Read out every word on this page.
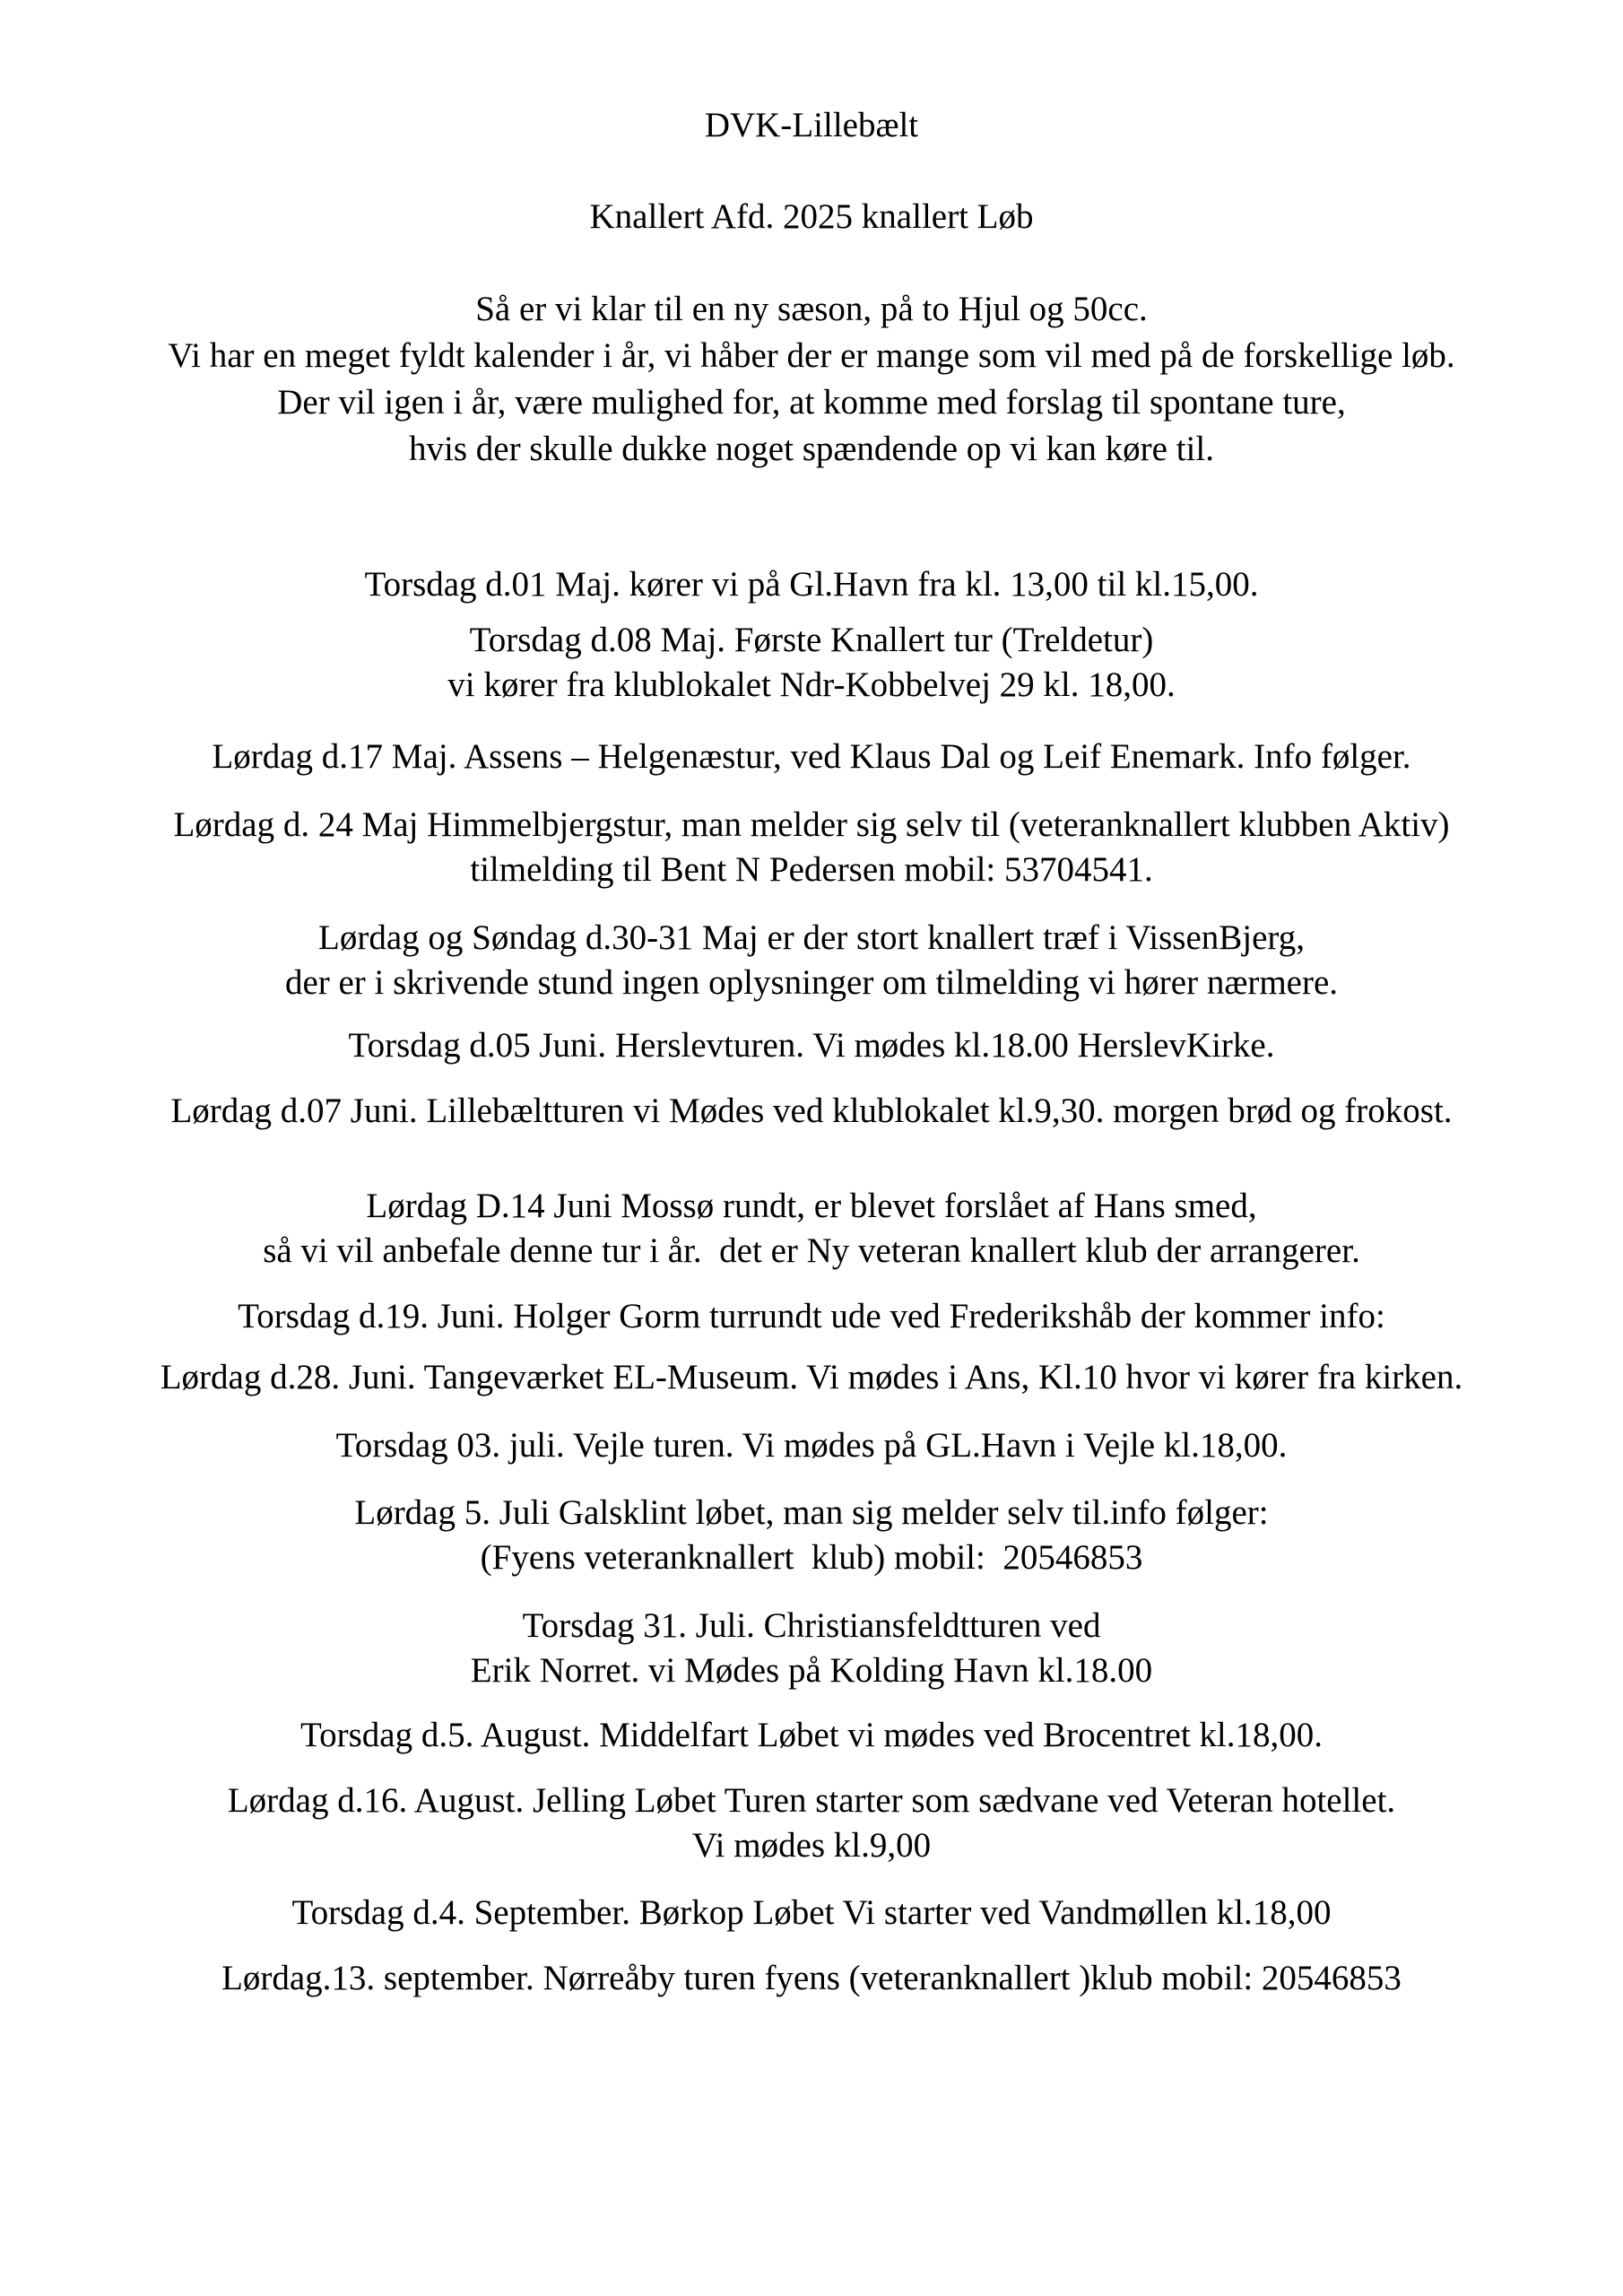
DVK-Lillebælt
Knallert Afd. 2025 knallert Løb
Så er vi klar til en ny sæson, på to Hjul og 50cc.
Vi har en meget fyldt kalender i år, vi håber der er mange som vil med på de forskellige løb.
Der vil igen i år, være mulighed for, at komme med forslag til spontane ture,
hvis der skulle dukke noget spændende op vi kan køre til.
Torsdag d.01 Maj. kører vi på Gl.Havn fra kl. 13,00 til kl.15,00.
Torsdag d.08 Maj. Første Knallert tur (Treldetur)
vi kører fra klublokalet Ndr-Kobbelvej 29 kl. 18,00.
Lørdag d.17 Maj. Assens – Helgenæstur, ved Klaus Dal og Leif Enemark. Info følger.
Lørdag d. 24 Maj Himmelbjergstur, man melder sig selv til (veteranknallert klubben Aktiv)
tilmelding til Bent N Pedersen mobil: 53704541.
Lørdag og Søndag d.30-31 Maj er der stort knallert træf i VissenBjerg,
der er i skrivende stund ingen oplysninger om tilmelding vi hører nærmere.
Torsdag d.05 Juni. Herslevturen. Vi mødes kl.18.00 HerslevKirke.
Lørdag d.07 Juni. Lillebæltturen vi Mødes ved klublokalet kl.9,30. morgen brød og frokost.
Lørdag D.14 Juni Mossø rundt, er blevet forslået af Hans smed,
så vi vil anbefale denne tur i år.  det er Ny veteran knallert klub der arrangerer.
Torsdag d.19. Juni. Holger Gorm turrundt ude ved Frederikshåb der kommer info:
Lørdag d.28. Juni. Tangeværket EL-Museum. Vi mødes i Ans, Kl.10 hvor vi kører fra kirken.
Torsdag 03. juli. Vejle turen. Vi mødes på GL.Havn i Vejle kl.18,00.
Lørdag 5. Juli Galsklint løbet, man sig melder selv til.info følger:
(Fyens veteranknallert  klub) mobil:  20546853
Torsdag 31. Juli. Christiansfeldtturen ved
Erik Norret. vi Mødes på Kolding Havn kl.18.00
Torsdag d.5. August. Middelfart Løbet vi mødes ved Brocentret kl.18,00.
Lørdag d.16. August. Jelling Løbet Turen starter som sædvane ved Veteran hotellet.
Vi mødes kl.9,00
Torsdag d.4. September. Børkop Løbet Vi starter ved Vandmøllen kl.18,00
Lørdag.13. september. Nørreåby turen fyens (veteranknallert )klub mobil: 20546853
